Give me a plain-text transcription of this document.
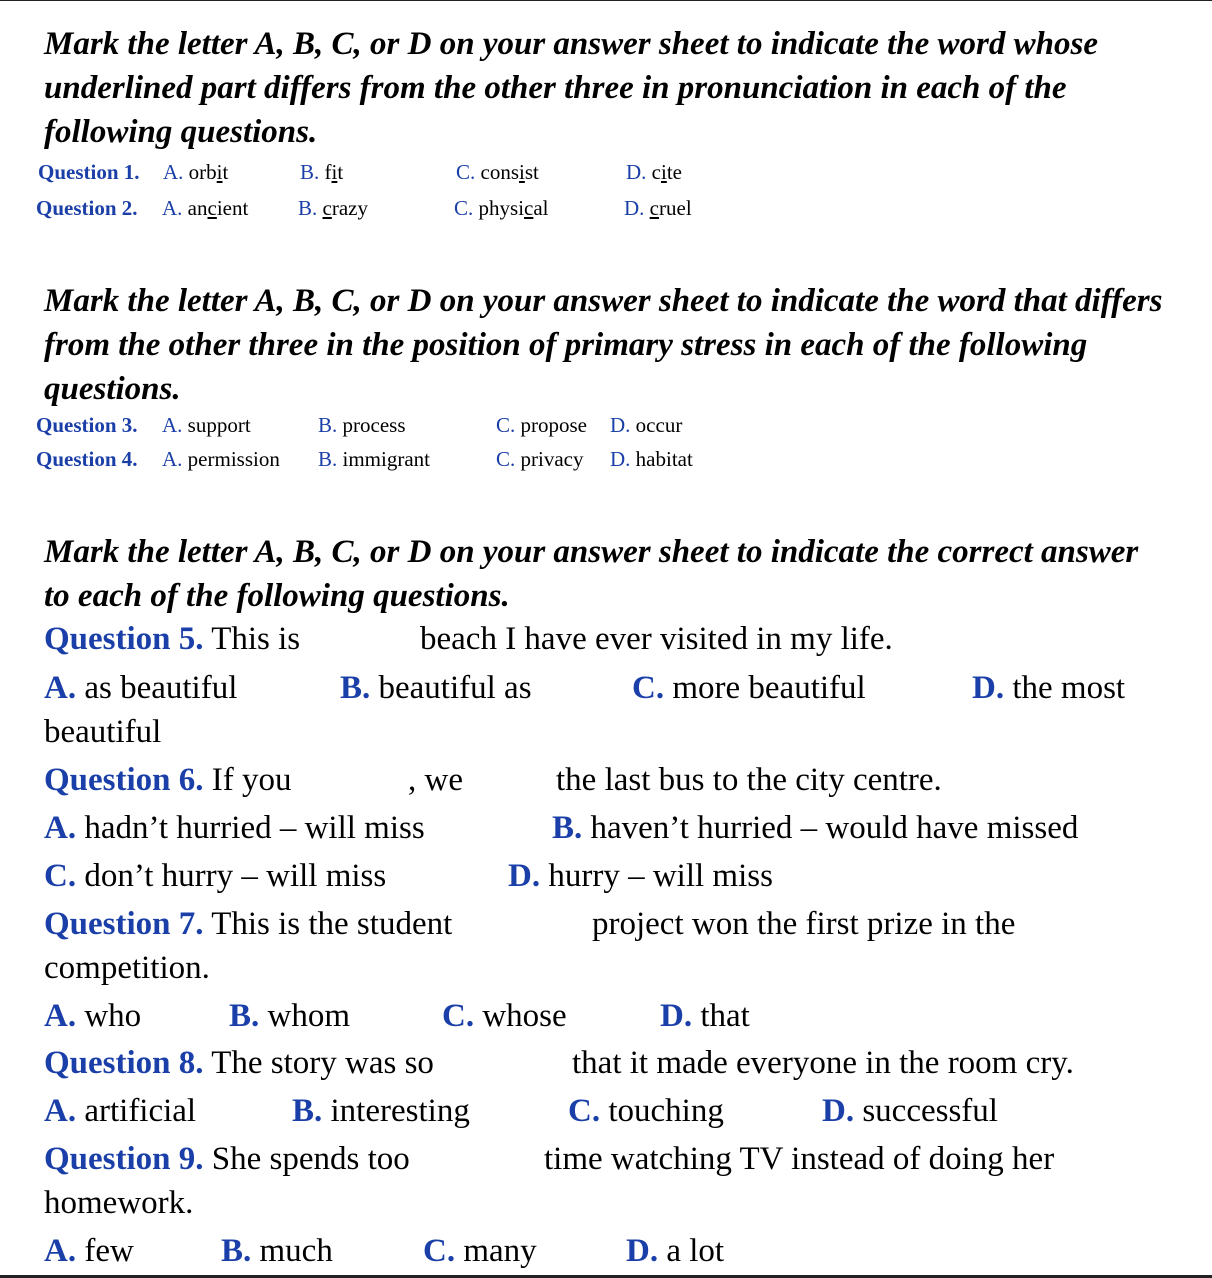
Mark the letter A, B, C, or D on your answer sheet to indicate the word whose underlined part differs from the other three in pronunciation in each of the following questions.
Question 1. A. orbit	B. fit	C. consist	D. cite
Question 2. A. ancient B. crazy	C. physical	D. cruel
Mark the letter A, B, C, or D on your answer sheet to indicate the word that differs from the other three in the position of primary stress in each of the following questions.
Question 3. A. support	B. process	C. propose D. occur
Question 4. A. permission B. immigrant	C. privacy D. habitat
Mark the letter A, B, C, or D on your answer sheet to indicate the correct answer to each of the following questions.
Question 5. This is	beach I have ever visited in my life.
A. as beautiful	B. beautiful as	C. more beautiful	D. the most
beautiful
Question 6. If you	, we	the last bus to the city centre.
A. hadn’t hurried – will miss	B. haven’t hurried – would have missed
C. don’t hurry – will miss	D. hurry – will miss
Question 7. This is the student	project won the first prize in the
competition.
A. who	B. whom	C. whose	D. that
Question 8. The story was so	that it made everyone in the room cry.
A. artificial	B. interesting	C. touching	D. successful
Question 9. She spends too	time watching TV instead of doing her
homework.
A. few	B. much	C. many	D. a lot
